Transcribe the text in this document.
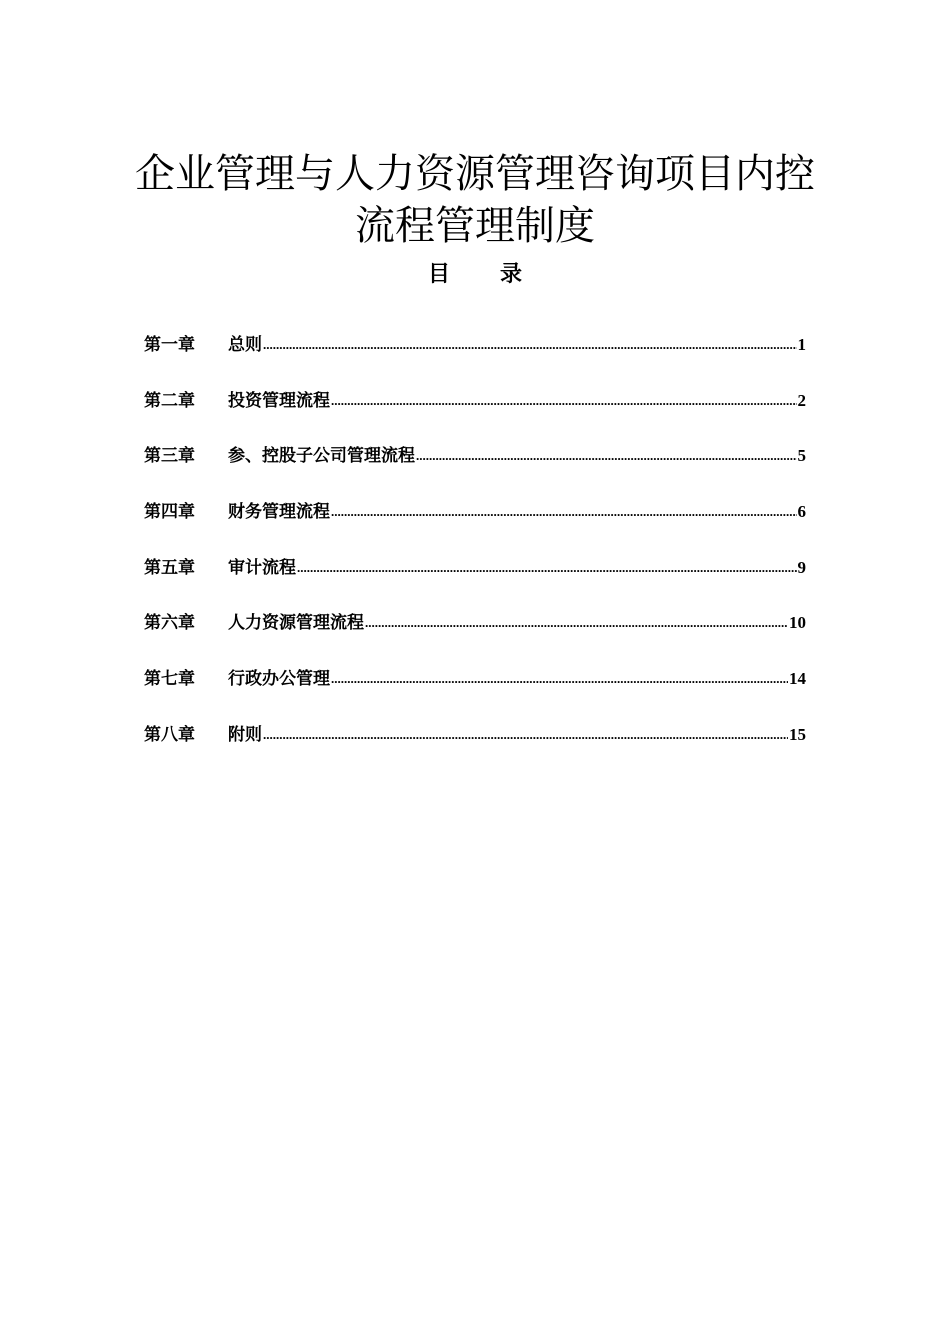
企业管理与人力资源管理咨询项目内控
流程管理制度
目 录
第一章	总则 .....	1
第二章	投资管理流程 .....	2
第三章	参、控股子公司管理流程 .....	5
第四章	财务管理流程 .....	6
第五章	审计流程 .....	9
第六章	人力资源管理流程 .....	10
第七章	行政办公管理 .....	14
第八章	附则 .....	15
